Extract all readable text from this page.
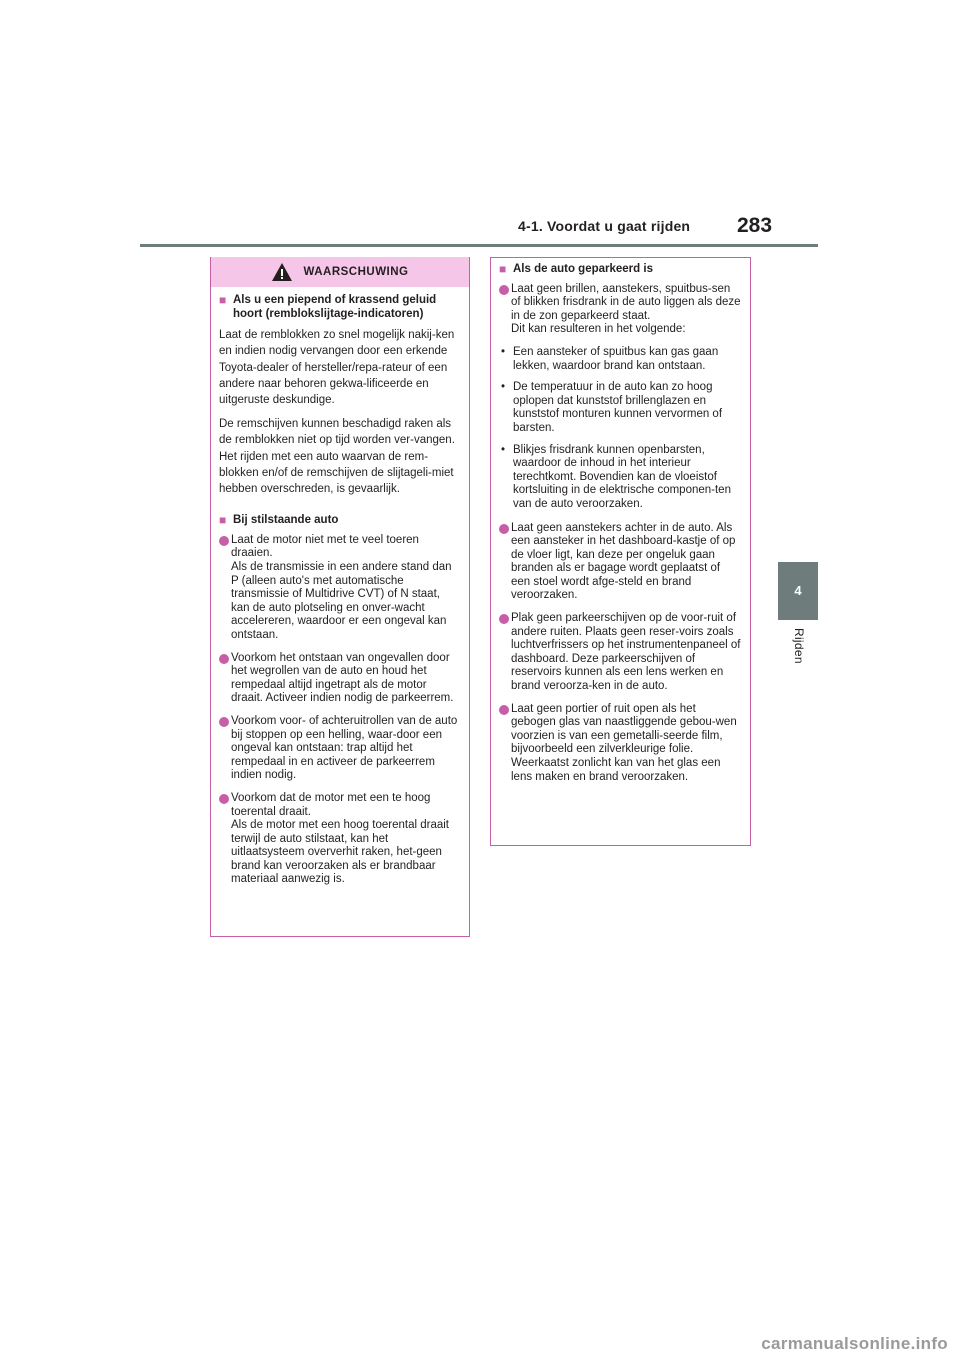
4-1. Voordat u gaat rijden 283
4
Rijden
WAARSCHUWING
■ Als u een piepend of krassend geluid hoort (remblokslijtage-indicatoren)

Laat de remblokken zo snel mogelijk nakij-ken en indien nodig vervangen door een erkende Toyota-dealer of hersteller/repa-rateur of een andere naar behoren gekwa-lificeerde en uitgeruste deskundige.

De remschijven kunnen beschadigd raken als de remblokken niet op tijd worden ver-vangen.

Het rijden met een auto waarvan de rem-blokken en/of de remschijven de slijtageli-miet hebben overschreden, is gevaarlijk.

■ Bij stilstaande auto
Laat de motor niet met te veel toeren draaien.
Als de transmissie in een andere stand dan P (alleen auto's met automatische transmissie of Multidrive CVT) of N staat, kan de auto plotseling en onver-wacht accelereren, waardoor er een ongeval kan ontstaan.
Voorkom het ontstaan van ongevallen door het wegrollen van de auto en houd het rempedaal altijd ingetrapt als de motor draait. Activeer indien nodig de parkeerrem.
Voorkom voor- of achteruitrollen van de auto bij stoppen op een helling, waar-door een ongeval kan ontstaan: trap altijd het rempedaal in en activeer de parkeerrem indien nodig.
Voorkom dat de motor met een te hoog toerental draait.
Als de motor met een hoog toerental draait terwijl de auto stilstaat, kan het uitlaatsysteem oververhit raken, het-geen brand kan veroorzaken als er brandbaar materiaal aanwezig is.
■ Als de auto geparkeerd is
Laat geen brillen, aanstekers, spuitbus-sen of blikken frisdrank in de auto liggen als deze in de zon geparkeerd staat.
Dit kan resulteren in het volgende:
• Een aansteker of spuitbus kan gas gaan lekken, waardoor brand kan ontstaan.
• De temperatuur in de auto kan zo hoog oplopen dat kunststof brillenglazen en kunststof monturen kunnen vervormen of barsten.
• Blikjes frisdrank kunnen openbarsten, waardoor de inhoud in het interieur terechtkomt. Bovendien kan de vloeistof kortsluiting in de elektrische componen-ten van de auto veroorzaken.
Laat geen aanstekers achter in de auto. Als een aansteker in het dashboard-kastje of op de vloer ligt, kan deze per ongeluk gaan branden als er bagage wordt geplaatst of een stoel wordt afge-steld en brand veroorzaken.
Plak geen parkeerschijven op de voor-ruit of andere ruiten. Plaats geen reser-voirs zoals luchtverfrissers op het instrumentenpaneel of dashboard. Deze parkeerschijven of reservoirs kunnen als een lens werken en brand veroorza-ken in de auto.
Laat geen portier of ruit open als het gebogen glas van naastliggende gebou-wen voorzien is van een gemetalli-seerde film, bijvoorbeeld een zilverkleurige folie. Weerkaatst zonlicht kan van het glas een lens maken en brand veroorzaken.
carmanualsonline.info
